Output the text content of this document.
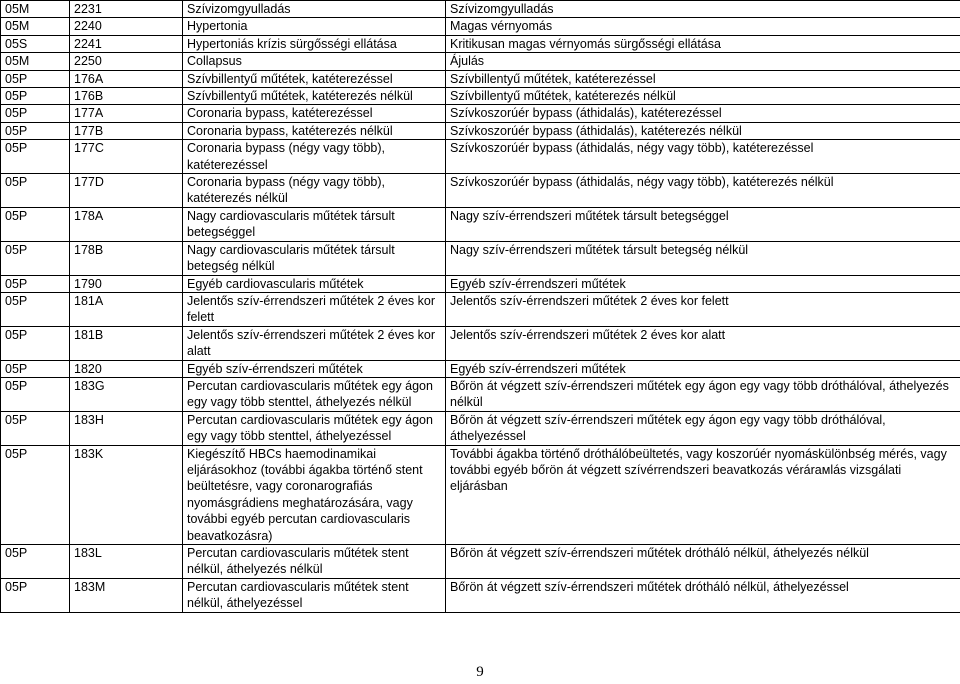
05M	2231	Szívizomgyulladás	Szívizomgyulladás
05M	2240	Hypertonia	Magas vérnyomás
05S	2241	Hypertoniás krízis sürgősségi ellátása	Kritikusan magas vérnyomás sürgősségi ellátása
05M	2250	Collapsus	Ájulás
05P	176A	Szívbillentyű műtétek, katéterezéssel	Szívbillentyű műtétek, katéterezéssel
05P	176B	Szívbillentyű műtétek, katéterezés nélkül	Szívbillentyű műtétek, katéterezés nélkül
05P	177A	Coronaria bypass, katéterezéssel	Szívkoszorúér bypass (áthidalás), katéterezéssel
05P	177B	Coronaria bypass, katéterezés nélkül	Szívkoszorúér bypass (áthidalás), katéterezés nélkül
05P	177C	Coronaria bypass (négy vagy több), katéterezéssel	Szívkoszorúér bypass (áthidalás, négy vagy több), katéterezéssel
05P	177D	Coronaria bypass (négy vagy több), katéterezés nélkül	Szívkoszorúér bypass (áthidalás, négy vagy több), katéterezés nélkül
05P	178A	Nagy cardiovascularis műtétek társult betegséggel	Nagy szív-érrendszeri műtétek társult betegséggel
05P	178B	Nagy cardiovascularis műtétek társult betegség nélkül	Nagy szív-érrendszeri műtétek társult betegség nélkül
05P	1790	Egyéb cardiovascularis műtétek	Egyéb szív-érrendszeri műtétek
05P	181A	Jelentős szív-érrendszeri műtétek 2 éves kor felett	Jelentős szív-érrendszeri műtétek 2 éves kor felett
05P	181B	Jelentős szív-érrendszeri műtétek 2 éves kor alatt	Jelentős szív-érrendszeri műtétek 2 éves kor alatt
05P	1820	Egyéb szív-érrendszeri műtétek	Egyéb szív-érrendszeri műtétek
05P	183G	Percutan cardiovascularis műtétek egy ágon egy vagy több stenttel, áthelyezés nélkül	Bőrön át végzett szív-érrendszeri műtétek egy ágon egy vagy több dróthálóval, áthelyezés nélkül
05P	183H	Percutan cardiovascularis műtétek egy ágon egy vagy több stenttel, áthelyezéssel	Bőrön át végzett szív-érrendszeri műtétek egy ágon egy vagy több dróthálóval, áthelyezéssel
05P	183K	Kiegészítő HBCs haemodinamikai eljárásokhoz (további ágakba történő stent beültetésre, vagy coronarografiás nyomásgrádiens meghatározására, vagy további egyéb percutan cardiovascularis beavatkozásra)	További ágakba történő dróthálóbeültetés, vagy koszorúér nyomáskülönbség mérés, vagy további egyéb bőrön át végzett szívérrendszeri beavatkozás vérárамlás vizsgálati eljárásban
05P	183L	Percutan cardiovascularis műtétek stent nélkül, áthelyezés nélkül	Bőrön át végzett szív-érrendszeri műtétek dróthálό nélkül, áthelyezés nélkül
05P	183M	Percutan cardiovascularis műtétek stent nélkül, áthelyezéssel	Bőrön át végzett szív-érrendszeri műtétek dróthálό nélkül, áthelyezéssel
9
